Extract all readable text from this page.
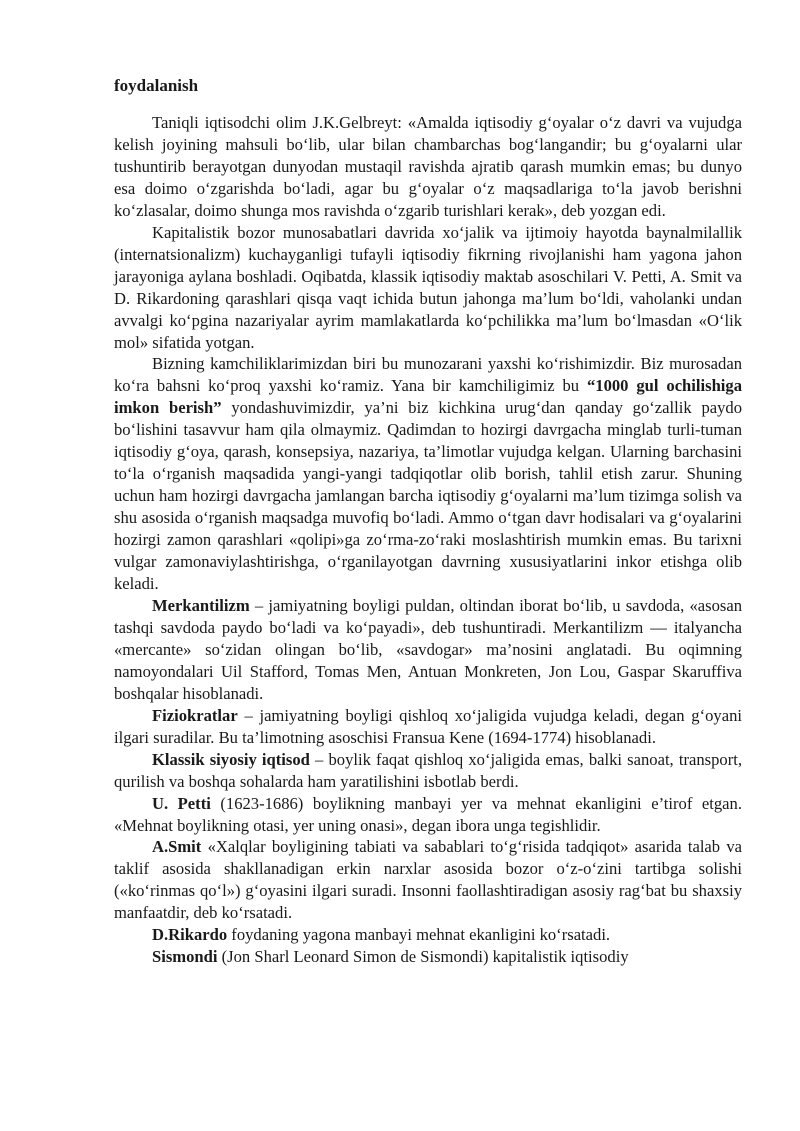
foydalanish

Taniqli iqtisodchi olim J.K.Gelbreyt: «Amalda iqtisodiy g‘oyalar o‘z davri va vujudga kelish joyining mahsuli bo‘lib, ular bilan chambarchas bog‘langandir; bu g‘oyalarni ular tushuntirib berayotgan dunyodan mustaqil ravishda ajratib qarash mumkin emas; bu dunyo esa doimo o‘zgarishda bo‘ladi, agar bu g‘oyalar o‘z maqsadlariga to‘la javob berishni ko‘zlasalar, doimo shunga mos ravishda o‘zgarib turishlari kerak», deb yozgan edi.

Kapitalistik bozor munosabatlari davrida xo‘jalik va ijtimoiy hayotda baynalmilallik (internatsionalizm) kuchayganligi tufayli iqtisodiy fikrning rivojlanishi ham yagona jahon jarayoniga aylana boshladi. Oqibatda, klassik iqtisodiy maktab asoschilari V. Petti, A. Smit va D. Rikardoning qarashlari qisqa vaqt ichida butun jahonga ma’lum bo‘ldi, vaholanki undan avvalgi ko‘pgina nazariyalar ayrim mamlakatlarda ko‘pchilikka ma’lum bo‘lmasdan «O‘lik mol» sifatida yotgan.

Bizning kamchiliklarimizdan biri bu munozarani yaxshi ko‘rishimizdir. Biz murosadan ko‘ra bahsni ko‘proq yaxshi ko‘ramiz. Yana bir kamchiligimiz bu “1000 gul ochilishiga imkon berish” yondashuvimizdir, ya’ni biz kichkina urug‘dan qanday go‘zallik paydo bo‘lishini tasavvur ham qila olmaymiz. Qadimdan to hozirgi davrgacha minglab turli-tuman iqtisodiy g‘oya, qarash, konsepsiya, nazariya, ta’limotlar vujudga kelgan. Ularning barchasini to‘la o‘rganish maqsadida yangi-yangi tadqiqotlar olib borish, tahlil etish zarur. Shuning uchun ham hozirgi davrgacha jamlangan barcha iqtisodiy g‘oyalarni ma’lum tizimga solish va shu asosida o‘rganish maqsadga muvofiq bo‘ladi. Ammo o‘tgan davr hodisalari va g‘oyalarini hozirgi zamon qarashlari «qolipi»ga zo‘rma-zo‘raki moslashtirish mumkin emas. Bu tarixni vulgar zamonaviylashtirishga, o‘rganilayotgan davrning xususiyatlarini inkor etishga olib keladi.

Merkantilizm – jamiyatning boyligi puldan, oltindan iborat bo‘lib, u savdoda, «asosan tashqi savdoda paydo bo‘ladi va ko‘payadi», deb tushuntiradi. Merkantilizm — italyancha «mercante» so‘zidan olingan bo‘lib, «savdogar» ma’nosini anglatadi. Bu oqimning namoyondalari Uil Stafford, Tomas Men, Antuan Monkreten, Jon Lou, Gaspar Skaruffiva boshqalar hisoblanadi.

Fiziokratlar – jamiyatning boyligi qishloq xo‘jaligida vujudga keladi, degan g‘oyani ilgari suradilar. Bu ta’limotning asoschisi Fransua Kene (1694-1774) hisoblanadi.

Klassik siyosiy iqtisod – boylik faqat qishloq xo‘jaligida emas, balki sanoat, transport, qurilish va boshqa sohalarda ham yaratilishini isbotlab berdi.

U. Petti (1623-1686) boylikning manbayi yer va mehnat ekanligini e’tirof etgan. «Mehnat boylikning otasi, yer uning onasi», degan ibora unga tegishlidir.

A.Smit «Xalqlar boyligining tabiati va sabablari to‘g‘risida tadqiqot» asarida talab va taklif asosida shakllanadigan erkin narxlar asosida bozor o‘z-o‘zini tartibga solishi («ko‘rinmas qo‘l») g‘oyasini ilgari suradi. Insonni faollashtiradigan asosiy rag‘bat bu shaxsiy manfaatdir, deb ko‘rsatadi.

D.Rikardo foydaning yagona manbayi mehnat ekanligini ko‘rsatadi.

Sismondi (Jon Sharl Leonard Simon de Sismondi) kapitalistik iqtisodiy
